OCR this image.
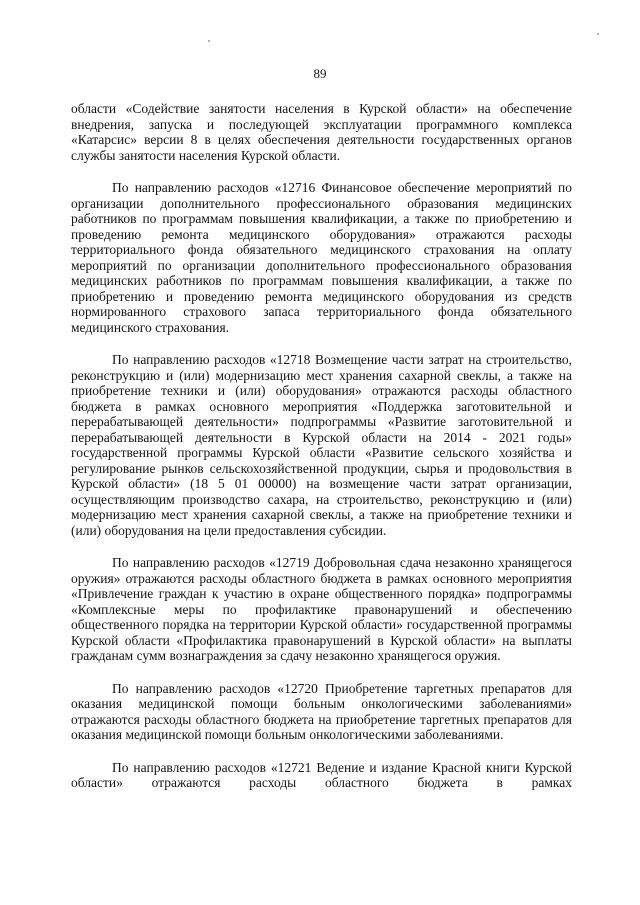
89

области «Содействие занятости населения в Курской области» на обеспечение внедрения, запуска и последующей эксплуатации программного комплекса «Катарсис» версии 8 в целях обеспечения деятельности государственных органов службы занятости населения Курской области.

По направлению расходов «12716 Финансовое обеспечение мероприятий по организации дополнительного профессионального образования медицинских работников по программам повышения квалификации, а также по приобретению и проведению ремонта медицинского оборудования» отражаются расходы территориального фонда обязательного медицинского страхования на оплату мероприятий по организации дополнительного профессионального образования медицинских работников по программам повышения квалификации, а также по приобретению и проведению ремонта медицинского оборудования из средств нормированного страхового запаса территориального фонда обязательного медицинского страхования.

По направлению расходов «12718 Возмещение части затрат на строительство, реконструкцию и (или) модернизацию мест хранения сахарной свеклы, а также на приобретение техники и (или) оборудования» отражаются расходы областного бюджета в рамках основного мероприятия «Поддержка заготовительной и перерабатывающей деятельности» подпрограммы «Развитие заготовительной и перерабатывающей деятельности в Курской области на 2014 - 2021 годы» государственной программы Курской области «Развитие сельского хозяйства и регулирование рынков сельскохозяйственной продукции, сырья и продовольствия в Курской области» (18 5 01 00000) на возмещение части затрат организации, осуществляющим производство сахара, на строительство, реконструкцию и (или) модернизацию мест хранения сахарной свеклы, а также на приобретение техники и (или) оборудования на цели предоставления субсидии.

По направлению расходов «12719 Добровольная сдача незаконно хранящегося оружия» отражаются расходы областного бюджета в рамках основного мероприятия «Привлечение граждан к участию в охране общественного порядка» подпрограммы «Комплексные меры по профилактике правонарушений и обеспечению общественного порядка на территории Курской области» государственной программы Курской области «Профилактика правонарушений в Курской области» на выплаты гражданам сумм вознаграждения за сдачу незаконно хранящегося оружия.

По направлению расходов «12720 Приобретение таргетных препаратов для оказания медицинской помощи больным онкологическими заболеваниями» отражаются расходы областного бюджета на приобретение таргетных препаратов для оказания медицинской помощи больным онкологическими заболеваниями.

По направлению расходов «12721 Ведение и издание Красной книги Курской области» отражаются расходы областного бюджета в рамках
